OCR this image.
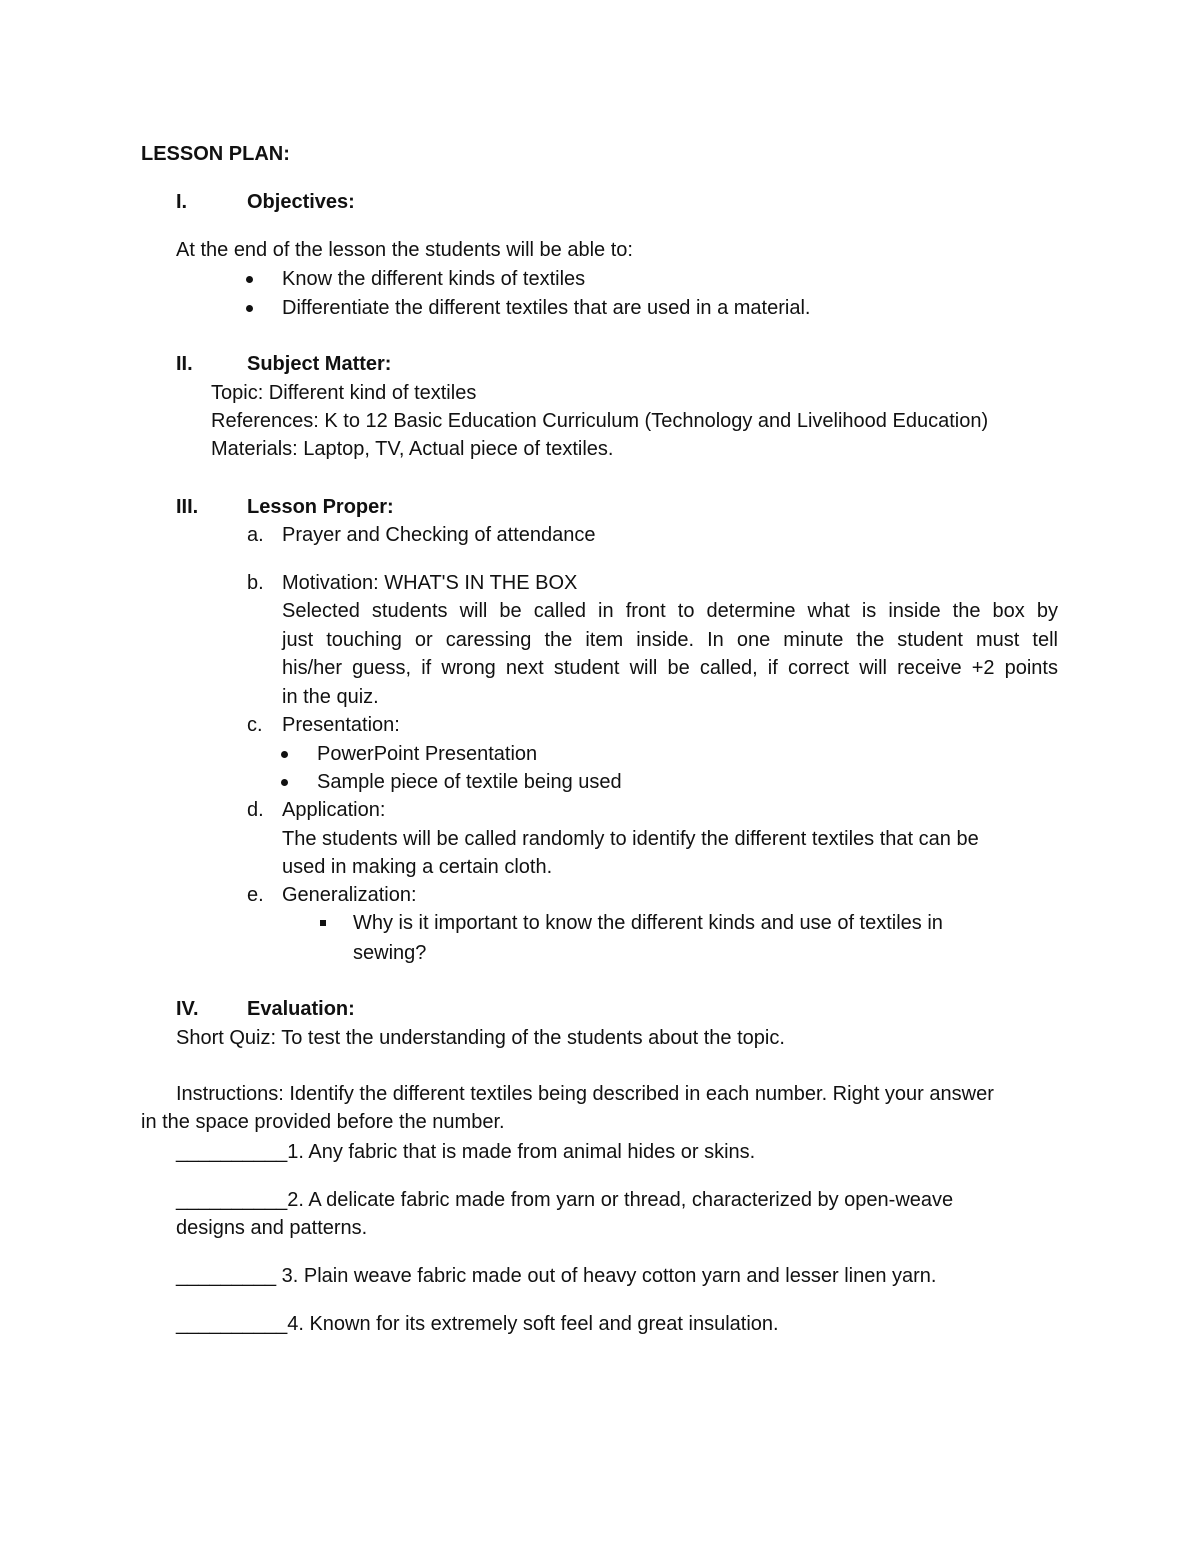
LESSON PLAN:
I.	Objectives:
At the end of the lesson the students will be able to:
Know the different kinds of textiles
Differentiate the different textiles that are used in a material.
II.	Subject Matter:
Topic: Different kind of textiles
References: K to 12 Basic Education Curriculum (Technology and Livelihood Education)
Materials: Laptop, TV, Actual piece of textiles.
III. Lesson Proper:
a. Prayer and Checking of attendance
b. Motivation: WHAT'S IN THE BOX
Selected students will be called in front to determine what is inside the box by
just touching or caressing the item inside. In one minute the student must tell
his/her guess, if wrong next student will be called, if correct will receive +2 points
in the quiz.
c. Presentation:
PowerPoint Presentation
Sample piece of textile being used
d. Application:
The students will be called randomly to identify the different textiles that can be
used in making a certain cloth.
e. Generalization:
Why is it important to know the different kinds and use of textiles in
sewing?
IV. Evaluation:
Short Quiz: To test the understanding of the students about the topic.
Instructions: Identify the different textiles being described in each number. Right your answer
in the space provided before the number.
__________1. Any fabric that is made from animal hides or skins.
__________2. A delicate fabric made from yarn or thread, characterized by open-weave
designs and patterns.
_________ 3. Plain weave fabric made out of heavy cotton yarn and lesser linen yarn.
__________4. Known for its extremely soft feel and great insulation.
